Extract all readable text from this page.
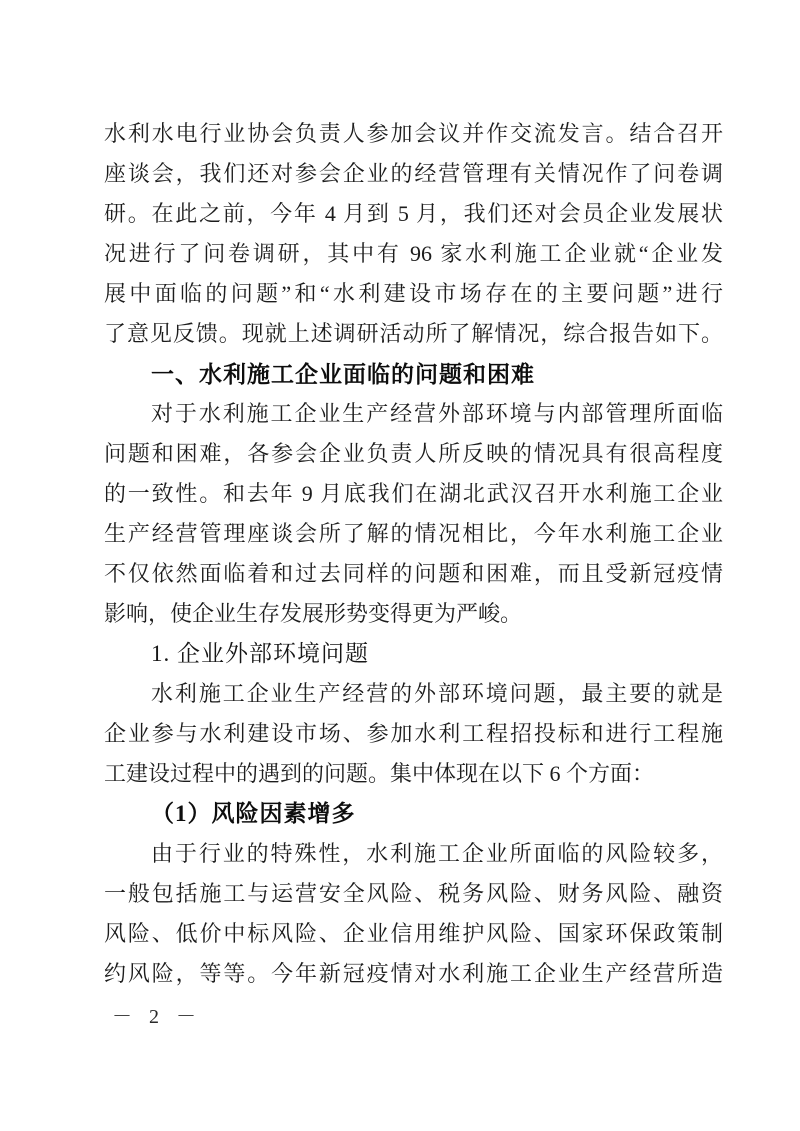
水利水电行业协会负责人参加会议并作交流发言。结合召开
座谈会，我们还对参会企业的经营管理有关情况作了问卷调
研。在此之前，今年 4 月到 5 月，我们还对会员企业发展状
况进行了问卷调研，其中有 96 家水利施工企业就“企业发
展中面临的问题”和“水利建设市场存在的主要问题”进行
了意见反馈。现就上述调研活动所了解情况，综合报告如下。
一、水利施工企业面临的问题和困难
对于水利施工企业生产经营外部环境与内部管理所面临
问题和困难，各参会企业负责人所反映的情况具有很高程度
的一致性。和去年 9 月底我们在湖北武汉召开水利施工企业
生产经营管理座谈会所了解的情况相比，今年水利施工企业
不仅依然面临着和过去同样的问题和困难，而且受新冠疫情
影响，使企业生存发展形势变得更为严峻。
1. 企业外部环境问题
水利施工企业生产经营的外部环境问题，最主要的就是
企业参与水利建设市场、参加水利工程招投标和进行工程施
工建设过程中的遇到的问题。集中体现在以下 6 个方面：
（1）风险因素增多
由于行业的特殊性，水利施工企业所面临的风险较多，
一般包括施工与运营安全风险、税务风险、财务风险、融资
风险、低价中标风险、企业信用维护风险、国家环保政策制
约风险，等等。今年新冠疫情对水利施工企业生产经营所造
－ 2 －
